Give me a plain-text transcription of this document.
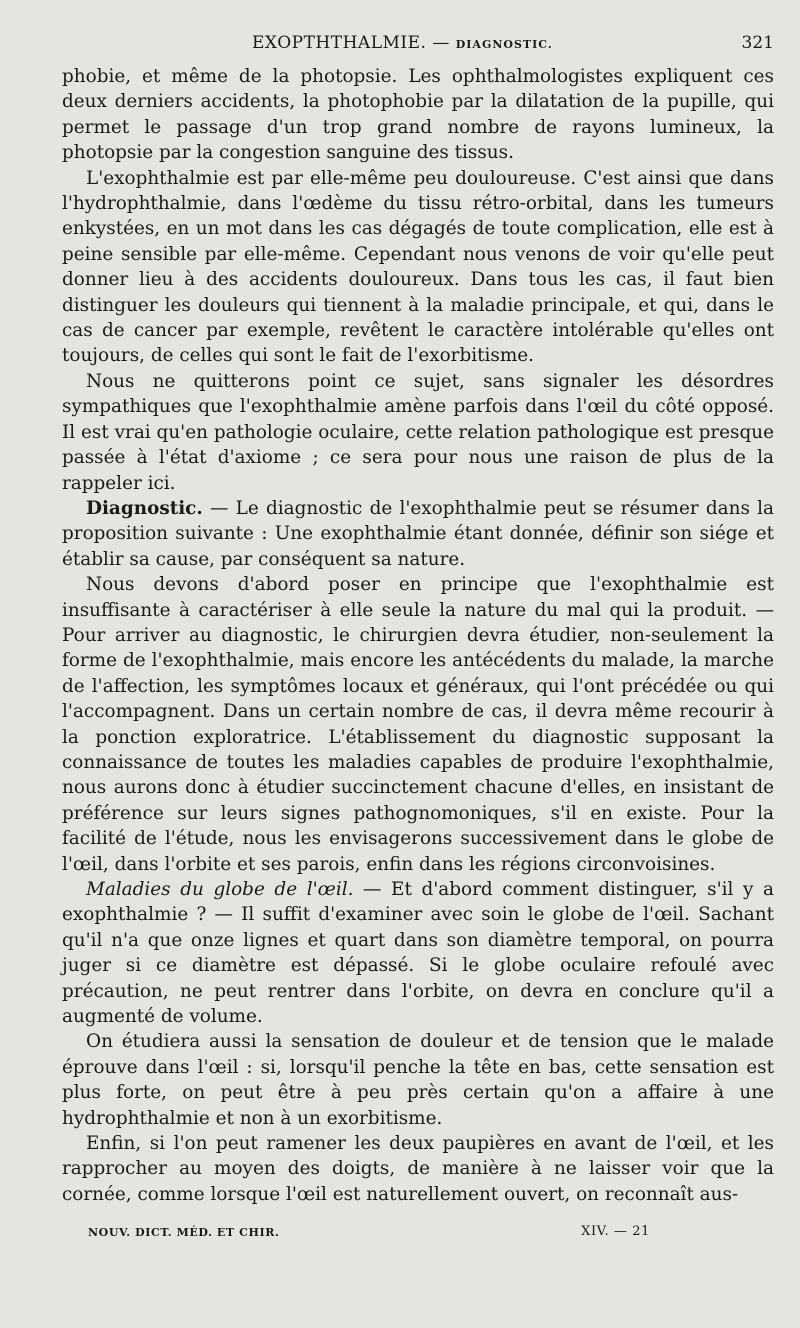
EXOPTHTHALMIE. — DIAGNOSTIC.	321

phobie, et même de la photopsie. Les ophthalmologistes expliquent ces deux derniers accidents, la photophobie par la dilatation de la pupille, qui permet le passage d'un trop grand nombre de rayons lumineux, la photopsie par la congestion sanguine des tissus.

L'exophthalmie est par elle-même peu douloureuse. C'est ainsi que dans l'hydrophthalmie, dans l'œdème du tissu rétro-orbital, dans les tumeurs enkystées, en un mot dans les cas dégagés de toute complication, elle est à peine sensible par elle-même. Cependant nous venons de voir qu'elle peut donner lieu à des accidents douloureux. Dans tous les cas, il faut bien distinguer les douleurs qui tiennent à la maladie principale, et qui, dans le cas de cancer par exemple, revêtent le caractère intolérable qu'elles ont toujours, de celles qui sont le fait de l'exorbitisme.

Nous ne quitterons point ce sujet, sans signaler les désordres sympathiques que l'exophthalmie amène parfois dans l'œil du côté opposé. Il est vrai qu'en pathologie oculaire, cette relation pathologique est presque passée à l'état d'axiome ; ce sera pour nous une raison de plus de la rappeler ici.

Diagnostic. — Le diagnostic de l'exophthalmie peut se résumer dans la proposition suivante : Une exophthalmie étant donnée, définir son siége et établir sa cause, par conséquent sa nature.

Nous devons d'abord poser en principe que l'exophthalmie est insuffisante à caractériser à elle seule la nature du mal qui la produit. — Pour arriver au diagnostic, le chirurgien devra étudier, non-seulement la forme de l'exophthalmie, mais encore les antécédents du malade, la marche de l'affection, les symptômes locaux et généraux, qui l'ont précédée ou qui l'accompagnent. Dans un certain nombre de cas, il devra même recourir à la ponction exploratrice. L'établissement du diagnostic supposant la connaissance de toutes les maladies capables de produire l'exophthalmie, nous aurons donc à étudier succinctement chacune d'elles, en insistant de préférence sur leurs signes pathognomoniques, s'il en existe. Pour la facilité de l'étude, nous les envisagerons successivement dans le globe de l'œil, dans l'orbite et ses parois, enfin dans les régions circonvoisines.

Maladies du globe de l'œil. — Et d'abord comment distinguer, s'il y a exophthalmie ? — Il suffit d'examiner avec soin le globe de l'œil. Sachant qu'il n'a que onze lignes et quart dans son diamètre temporal, on pourra juger si ce diamètre est dépassé. Si le globe oculaire refoulé avec précaution, ne peut rentrer dans l'orbite, on devra en conclure qu'il a augmenté de volume.

On étudiera aussi la sensation de douleur et de tension que le malade éprouve dans l'œil : si, lorsqu'il penche la tête en bas, cette sensation est plus forte, on peut être à peu près certain qu'on a affaire à une hydrophthalmie et non à un exorbitisme.

Enfin, si l'on peut ramener les deux paupières en avant de l'œil, et les rapprocher au moyen des doigts, de manière à ne laisser voir que la cornée, comme lorsque l'œil est naturellement ouvert, on reconnaît aus-

NOUV. DICT. MÉD. ET CHIR.	XIV. — 21
